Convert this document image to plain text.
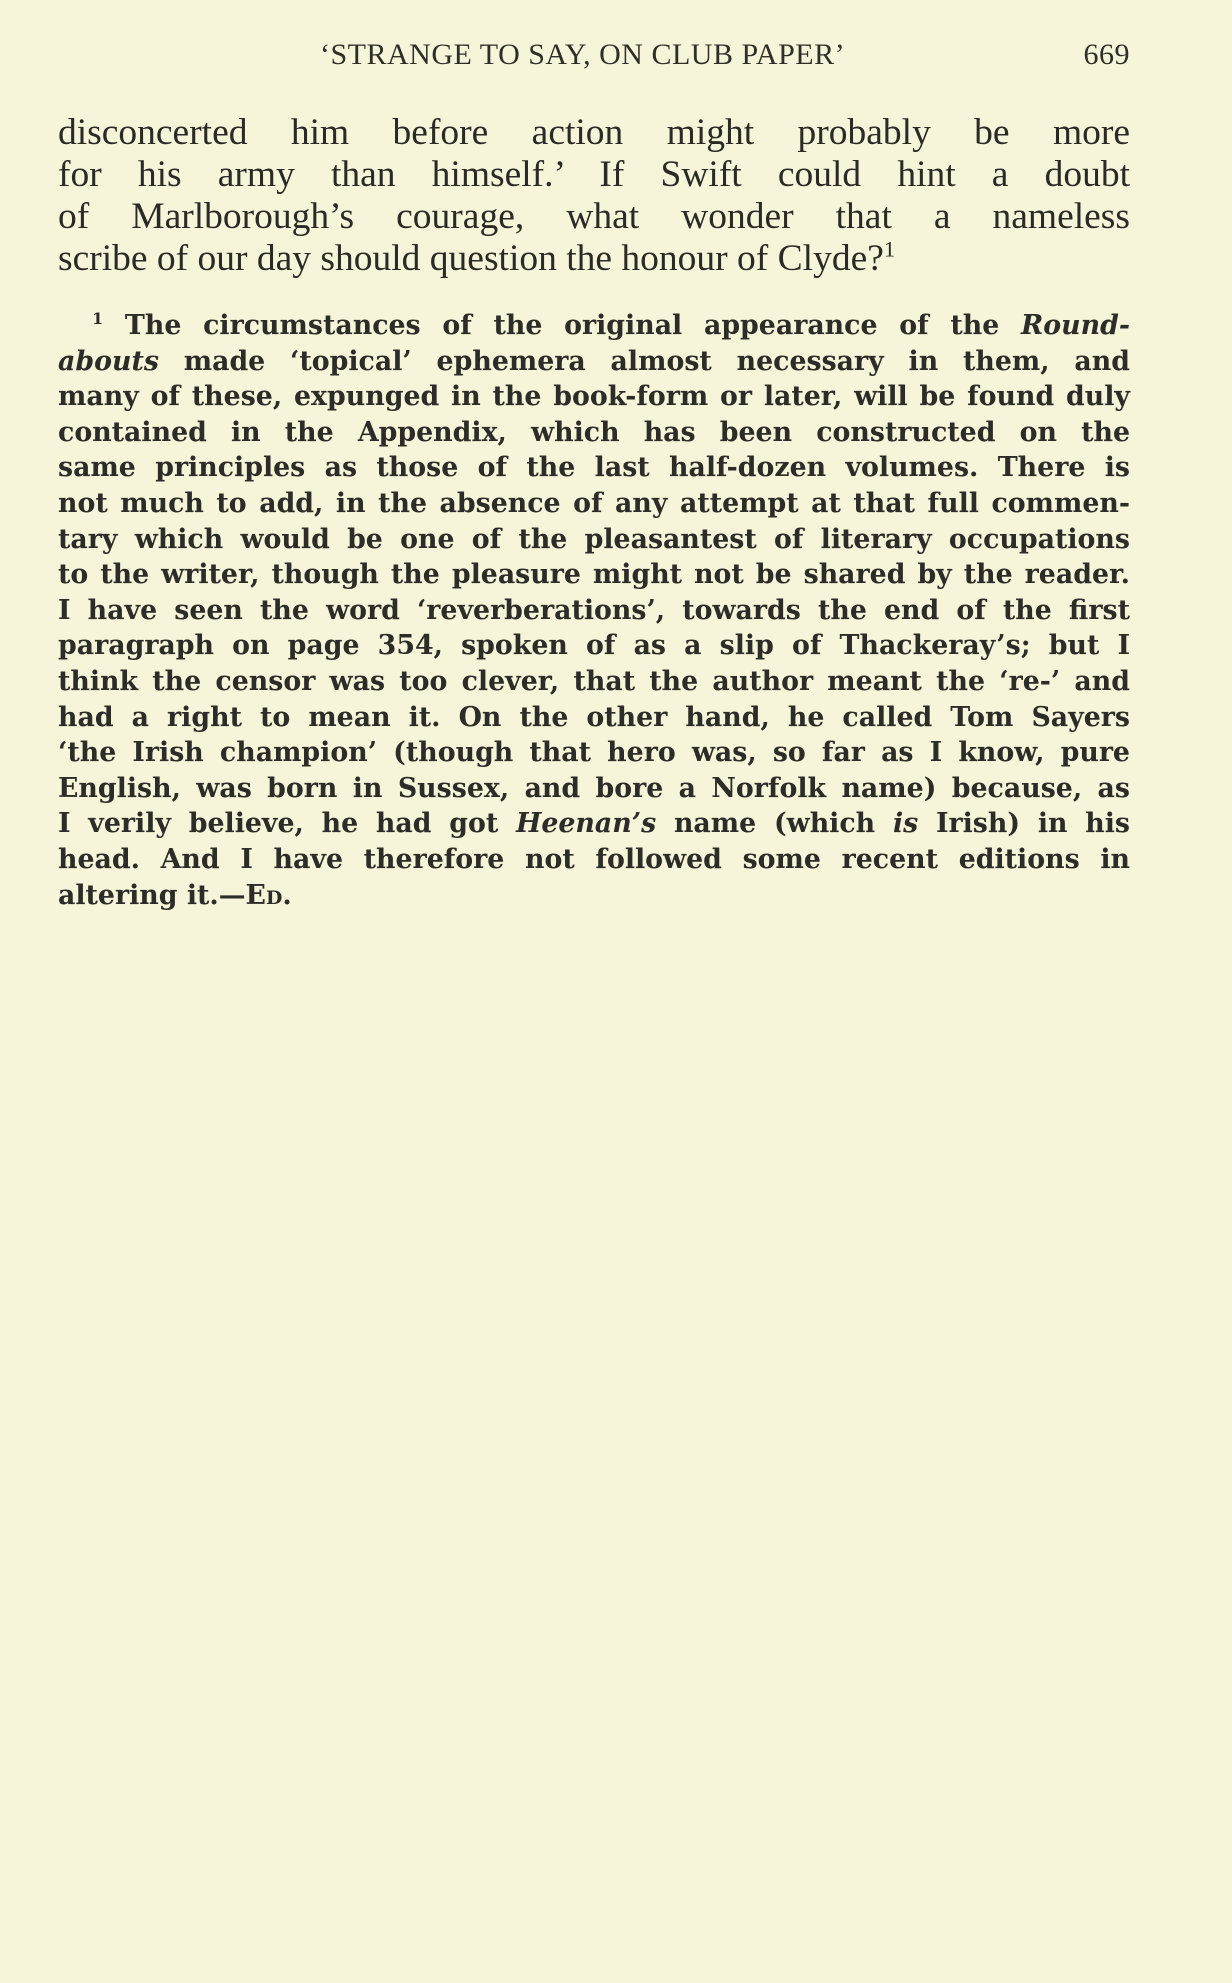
‘STRANGE TO SAY, ON CLUB PAPER’	669
disconcerted him before action might probably be more
for his army than himself.’ If Swift could hint a doubt
of Marlborough’s courage, what wonder that a nameless
scribe of our day should question the honour of Clyde?$^1$
$^1$ The circumstances of the original appearance of the Round-
abouts made ‘topical’ ephemera almost necessary in them, and
many of these, expunged in the book-form or later, will be found duly
contained in the Appendix, which has been constructed on the
same principles as those of the last half-dozen volumes. There is
not much to add, in the absence of any attempt at that full commen-
tary which would be one of the pleasantest of literary occupations
to the writer, though the pleasure might not be shared by the reader.
I have seen the word ‘reverberations’, towards the end of the first
paragraph on page 354, spoken of as a slip of Thackeray’s; but I
think the censor was too clever, that the author meant the ‘re-’ and
had a right to mean it. On the other hand, he called Tom Sayers
‘the Irish champion’ (though that hero was, so far as I know, pure
English, was born in Sussex, and bore a Norfolk name) because, as
I verily believe, he had got Heenan’s name (which is Irish) in his
head. And I have therefore not followed some recent editions in
altering it.—Ed.
